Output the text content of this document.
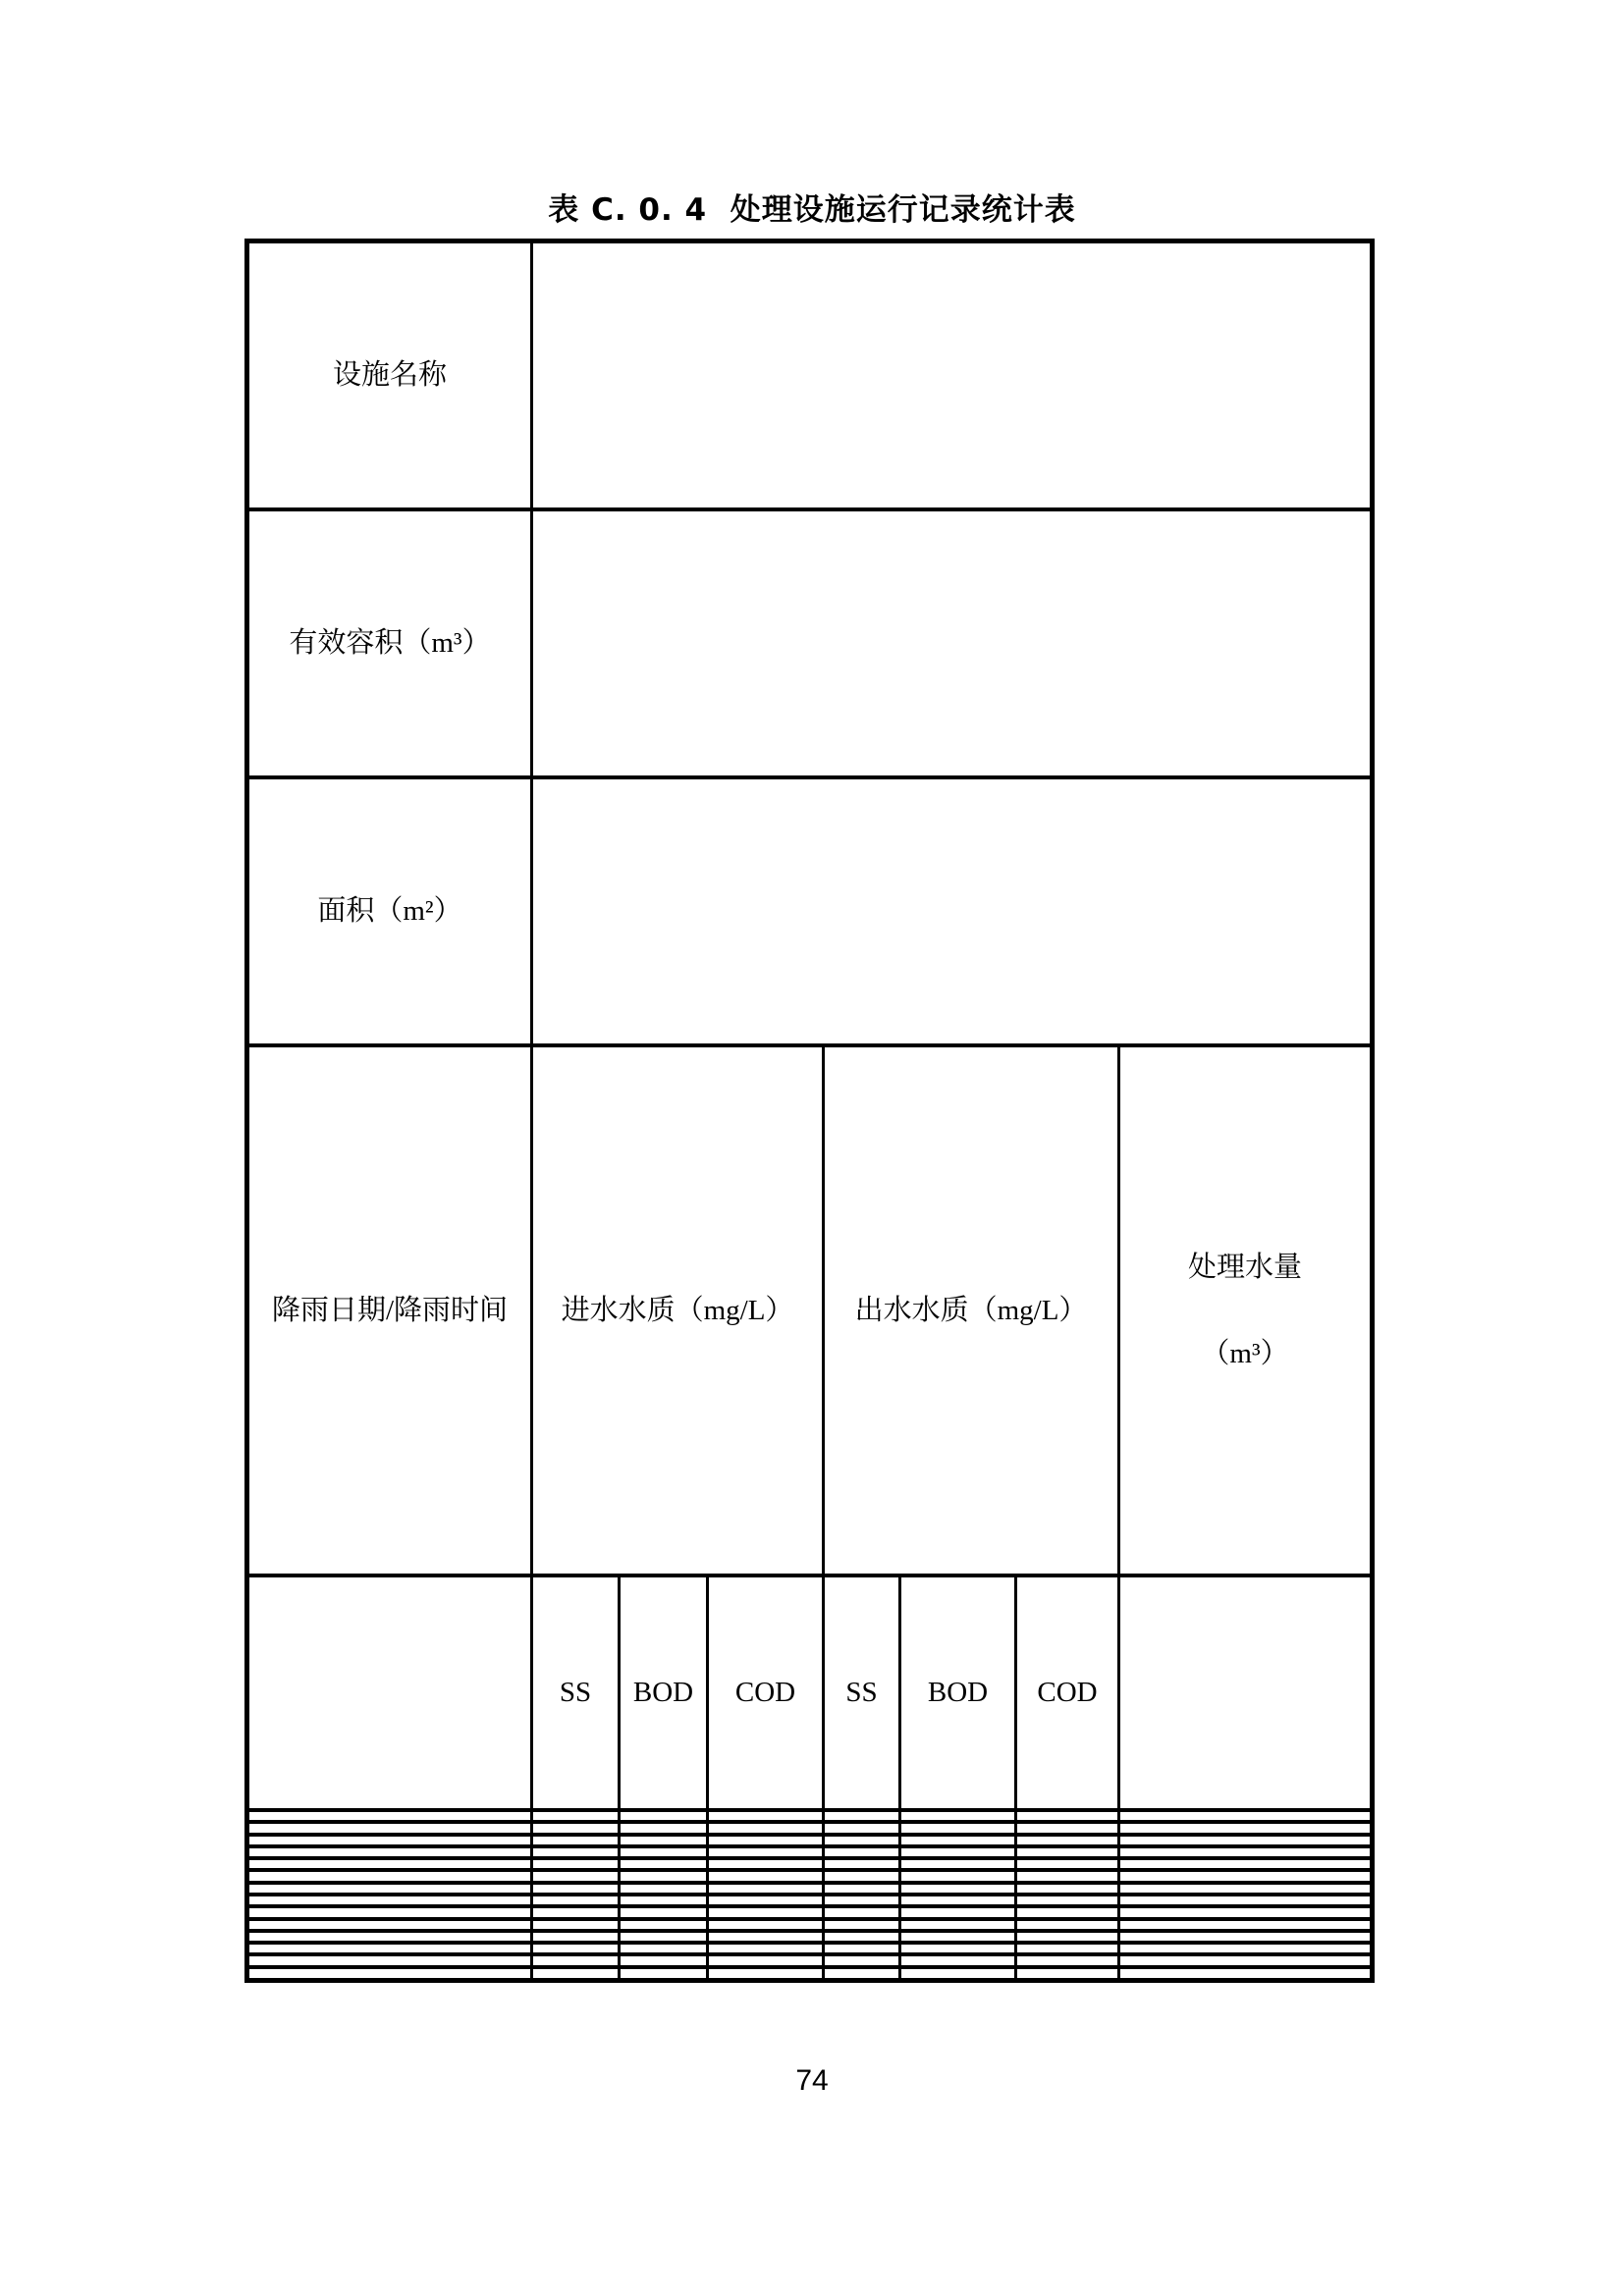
表 C. 0. 4  处理设施运行记录统计表
设施名称							
有效容积（m³）							
面积（m²）							
降雨日期/降雨时间	进水水质（mg/L）			出水水质（mg/L）			处理水量
（m³）

	SS	BOD	COD	SS	BOD	COD	

74
